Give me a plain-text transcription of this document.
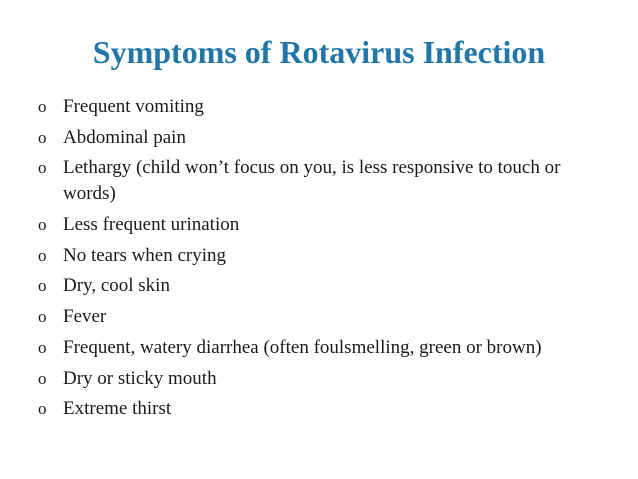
Symptoms of Rotavirus Infection
o Frequent vomiting
o Abdominal pain
o Lethargy (child won’t focus on you, is less responsive to touch or words)
o Less frequent urination
o No tears when crying
o Dry, cool skin
o Fever
o Frequent, watery diarrhea (often foulsmelling, green or brown)
o Dry or sticky mouth
o Extreme thirst
